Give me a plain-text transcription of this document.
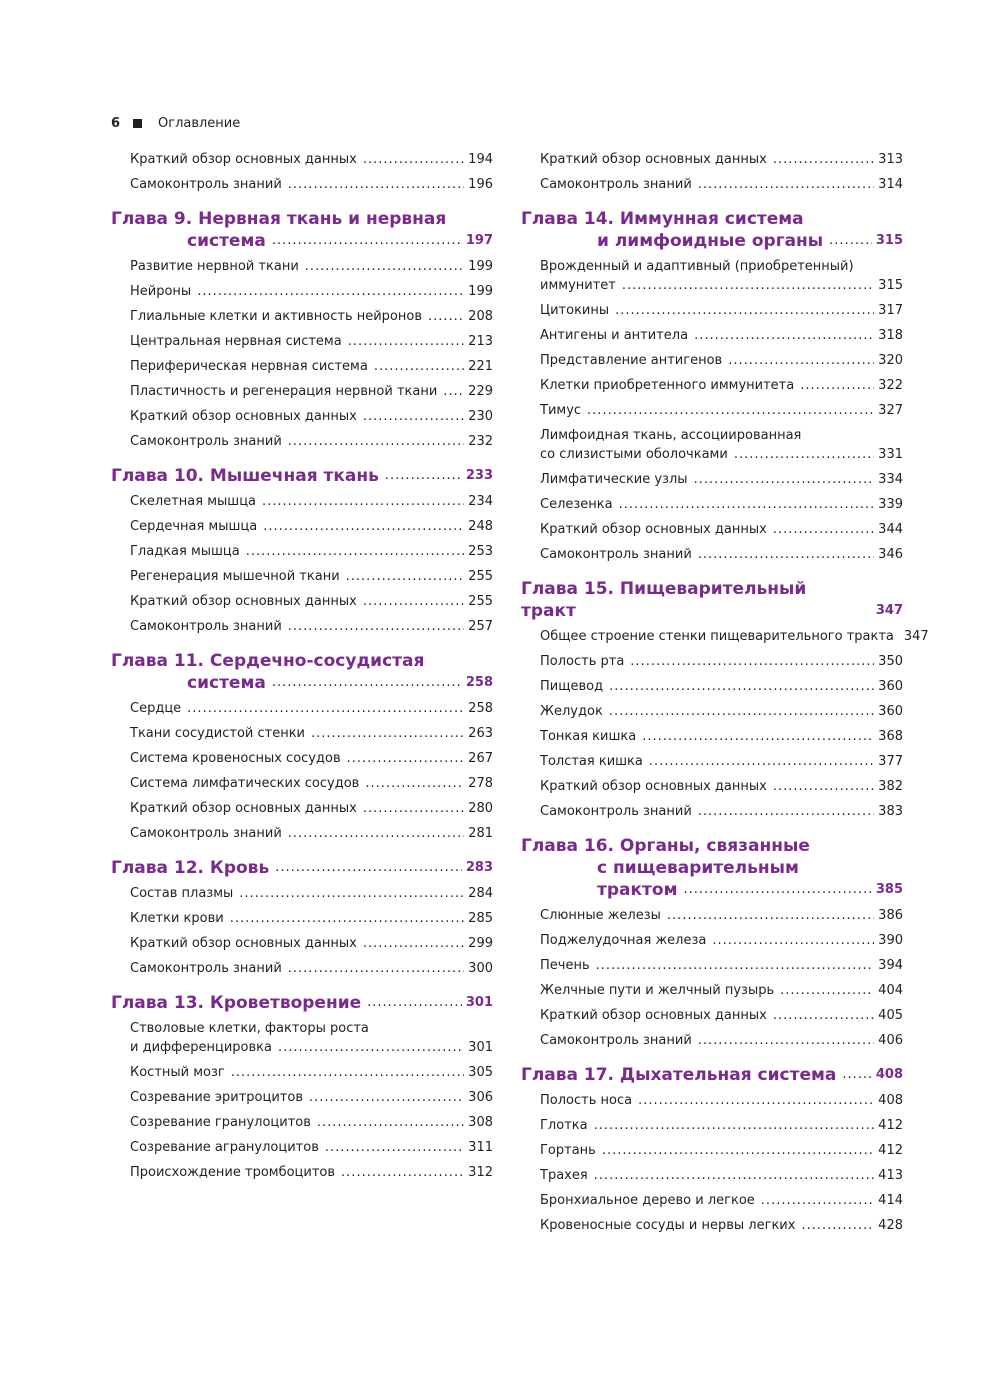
6	Оглавление
Краткий обзор основных данных .....	194
Самоконтроль знаний .....	196
Глава 9. Нервная ткань и нервная
система .....	197
Развитие нервной ткани .....	199
Нейроны .....	199
Глиальные клетки и активность нейронов .....	208
Центральная нервная система .....	213
Периферическая нервная система .....	221
Пластичность и регенерация нервной ткани ..... 229
Краткий обзор основных данных .....	230
Самоконтроль знаний .....	232
Глава 10. Мышечная ткань .....	233
Скелетная мышца .....	234
Сердечная мышца .....	248
Гладкая мышца .....	253
Регенерация мышечной ткани .....	255
Краткий обзор основных данных .....	255
Самоконтроль знаний .....	257
Глава 11. Сердечно-сосудистая
система .....	258
Сердце .....	258
Ткани сосудистой стенки .....	263
Система кровеносных сосудов .....	267
Система лимфатических сосудов .....	278
Краткий обзор основных данных .....	280
Самоконтроль знаний .....	281
Глава 12. Кровь .....	283
Состав плазмы .....	284
Клетки крови .....	285
Краткий обзор основных данных .....	299
Самоконтроль знаний .....	300
Глава 13. Кроветворение .....	301
Стволовые клетки, факторы роста
и дифференцировка .....	301
Костный мозг .....	305
Созревание эритроцитов .....	306
Созревание гранулоцитов .....	308
Созревание агранулоцитов .....	311
Происхождение тромбоцитов .....	312
Краткий обзор основных данных .....	313
Самоконтроль знаний .....	314
Глава 14. Иммунная система
и лимфоидные органы .....	315
Врожденный и адаптивный (приобретенный)
иммунитет .....	315
Цитокины .....	317
Антигены и антитела .....	318
Представление антигенов .....	320
Клетки приобретенного иммунитета .....	322
Тимус .....	327
Лимфоидная ткань, ассоциированная
со слизистыми оболочками .....	331
Лимфатические узлы .....	334
Селезенка .....	339
Краткий обзор основных данных .....	344
Самоконтроль знаний .....	346
Глава 15. Пищеварительный тракт	347
Общее строение стенки пищеварительного тракта 347
Полость рта .....	350
Пищевод .....	360
Желудок .....	360
Тонкая кишка .....	368
Толстая кишка .....	377
Краткий обзор основных данных .....	382
Самоконтроль знаний .....	383
Глава 16. Органы, связанные
с пищеварительным
трактом .....	385
Слюнные железы .....	386
Поджелудочная железа .....	390
Печень .....	394
Желчные пути и желчный пузырь .....	404
Краткий обзор основных данных .....	405
Самоконтроль знаний .....	406
Глава 17. Дыхательная система .....	408
Полость носа .....	408
Глотка .....	412
Гортань .....	412
Трахея .....	413
Бронхиальное дерево и легкое .....	414
Кровеносные сосуды и нервы легких .....	428
